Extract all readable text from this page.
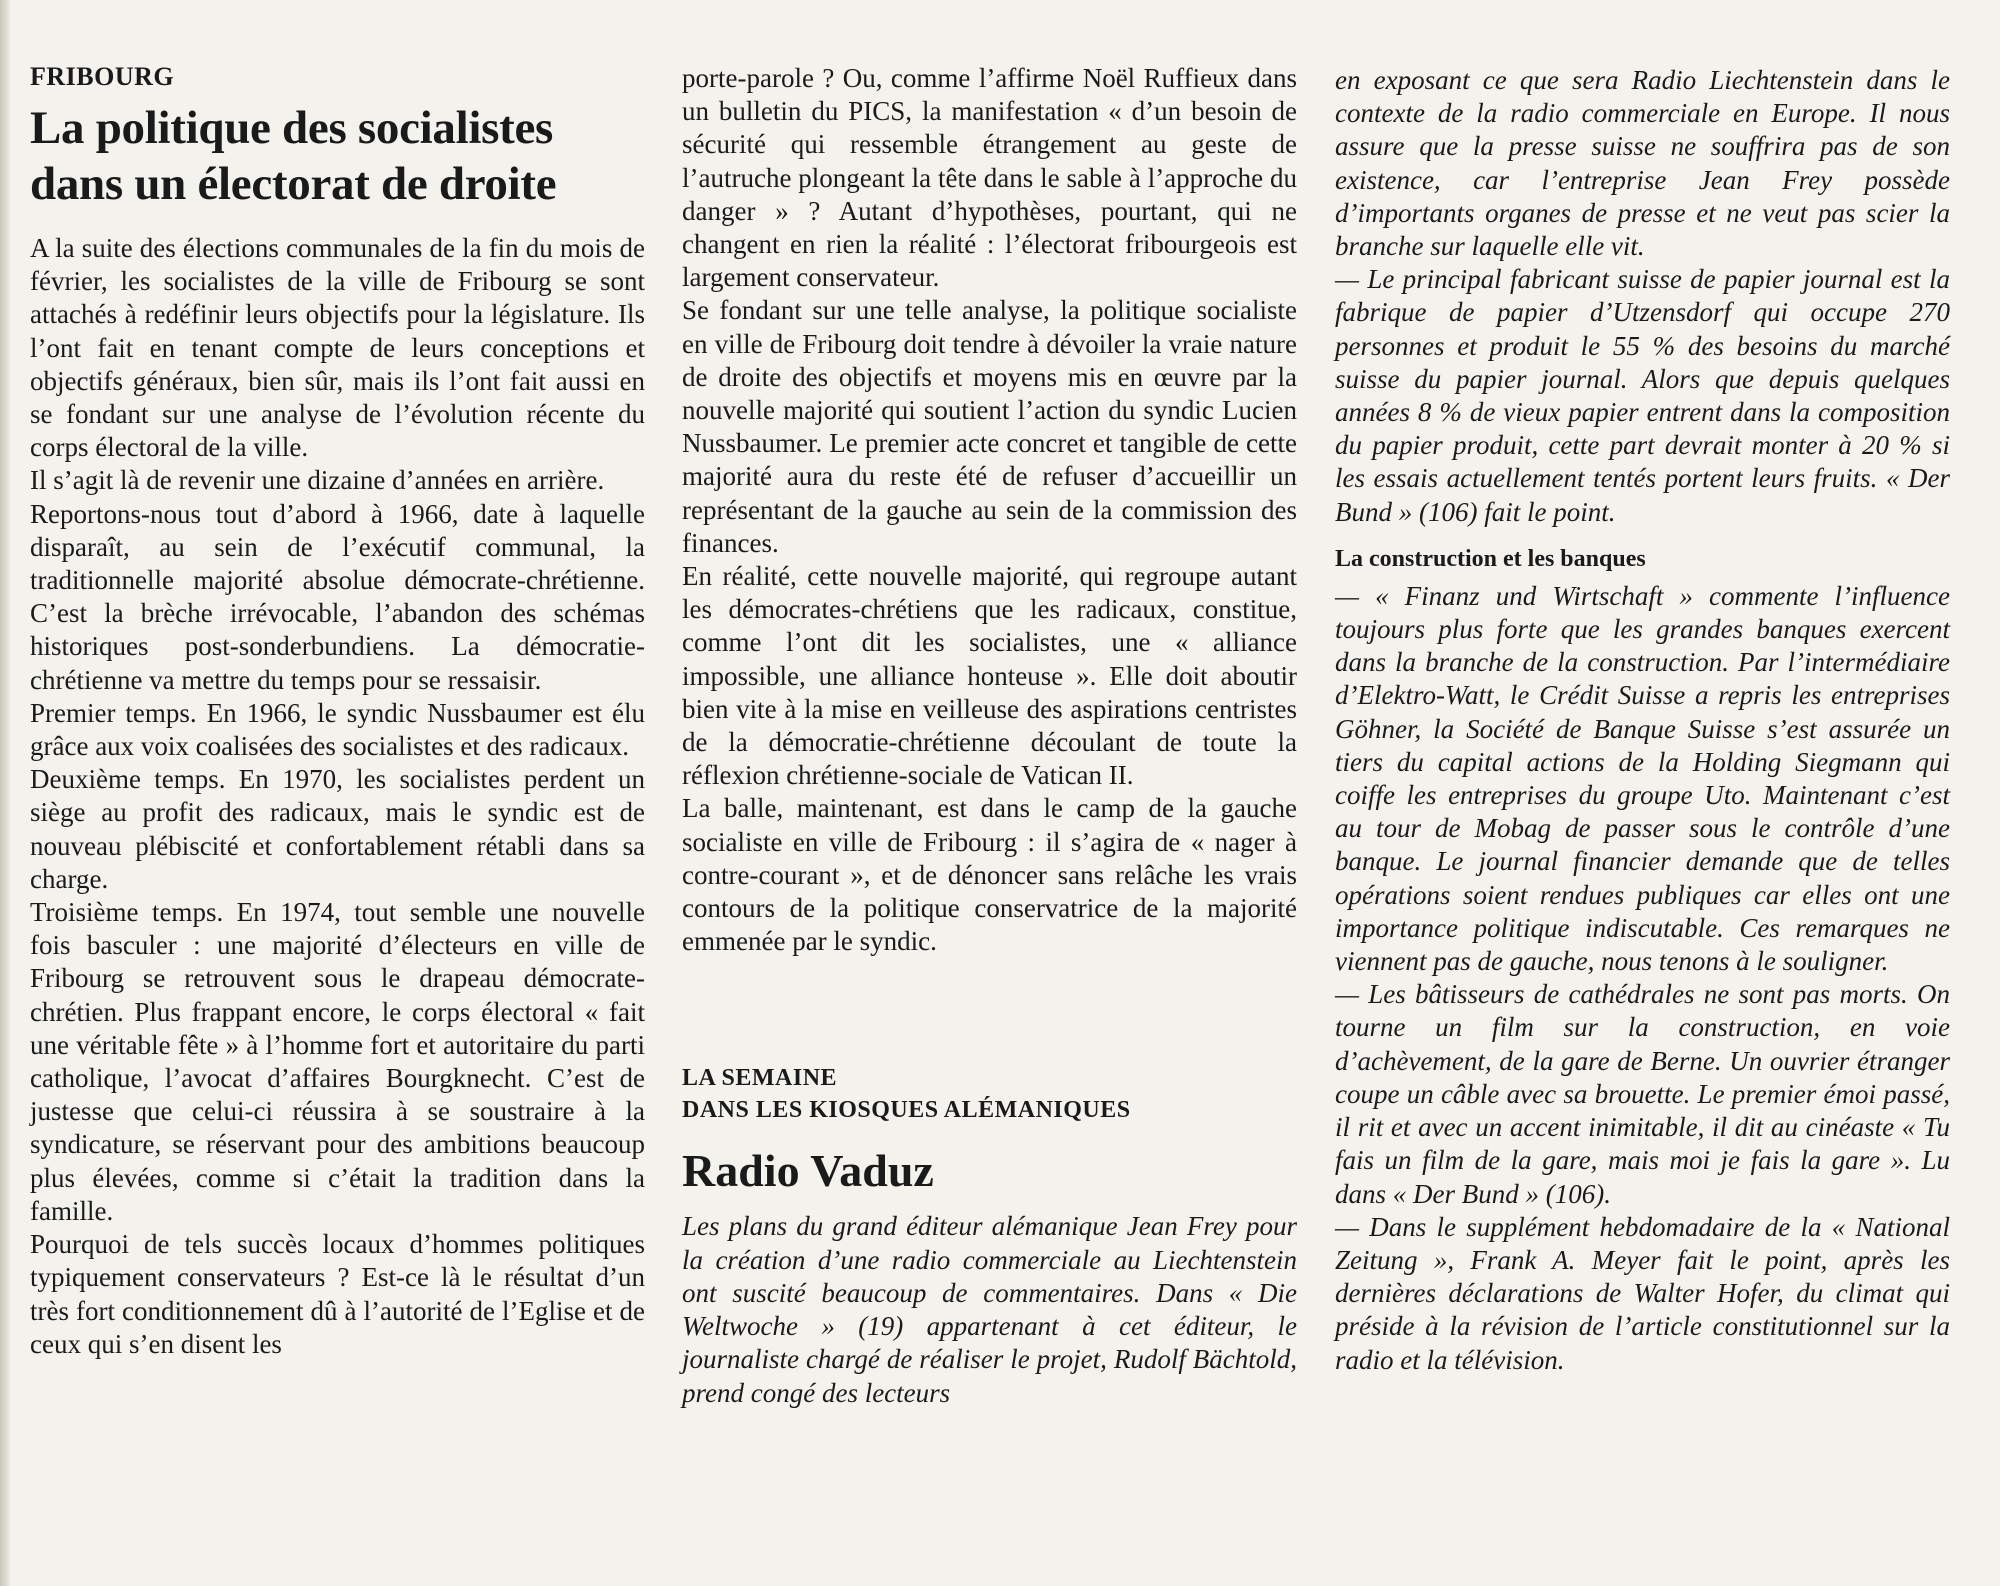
FRIBOURG
La politique des socialistes dans un électorat de droite

A la suite des élections communales de la fin du mois de février, les socialistes de la ville de Fribourg se sont attachés à redéfinir leurs objectifs pour la législature. Ils l’ont fait en tenant compte de leurs conceptions et objectifs généraux, bien sûr, mais ils l’ont fait aussi en se fondant sur une analyse de l’évolution récente du corps électoral de la ville.

Il s’agit là de revenir une dizaine d’années en arrière.

Reportons-nous tout d’abord à 1966, date à laquelle disparaît, au sein de l’exécutif communal, la traditionnelle majorité absolue démocrate-chrétienne. C’est la brèche irrévocable, l’abandon des schémas historiques post-sonderbundiens. La démocratie-chrétienne va mettre du temps pour se ressaisir.

Premier temps. En 1966, le syndic Nussbaumer est élu grâce aux voix coalisées des socialistes et des radicaux.

Deuxième temps. En 1970, les socialistes perdent un siège au profit des radicaux, mais le syndic est de nouveau plébiscité et confortablement rétabli dans sa charge.

Troisième temps. En 1974, tout semble une nouvelle fois basculer : une majorité d’électeurs en ville de Fribourg se retrouvent sous le drapeau démocrate-chrétien. Plus frappant encore, le corps électoral « fait une véritable fête » à l’homme fort et autoritaire du parti catholique, l’avocat d’affaires Bourgknecht. C’est de justesse que celui-ci réussira à se soustraire à la syndicature, se réservant pour des ambitions beaucoup plus élevées, comme si c’était la tradition dans la famille.

Pourquoi de tels succès locaux d’hommes politiques typiquement conservateurs ? Est-ce là le résultat d’un très fort conditionnement dû à l’autorité de l’Eglise et de ceux qui s’en disent les

porte-parole ? Ou, comme l’affirme Noël Ruffieux dans un bulletin du PICS, la manifestation « d’un besoin de sécurité qui ressemble étrangement au geste de l’autruche plongeant la tête dans le sable à l’approche du danger » ? Autant d’hypothèses, pourtant, qui ne changent en rien la réalité : l’électorat fribourgeois est largement conservateur.

Se fondant sur une telle analyse, la politique socialiste en ville de Fribourg doit tendre à dévoiler la vraie nature de droite des objectifs et moyens mis en œuvre par la nouvelle majorité qui soutient l’action du syndic Lucien Nussbaumer. Le premier acte concret et tangible de cette majorité aura du reste été de refuser d’accueillir un représentant de la gauche au sein de la commission des finances.

En réalité, cette nouvelle majorité, qui regroupe autant les démocrates-chrétiens que les radicaux, constitue, comme l’ont dit les socialistes, une « alliance impossible, une alliance honteuse ». Elle doit aboutir bien vite à la mise en veilleuse des aspirations centristes de la démocratie-chrétienne découlant de toute la réflexion chrétienne-sociale de Vatican II.

La balle, maintenant, est dans le camp de la gauche socialiste en ville de Fribourg : il s’agira de « nager à contre-courant », et de dénoncer sans relâche les vrais contours de la politique conservatrice de la majorité emmenée par le syndic.

LA SEMAINE
DANS LES KIOSQUES ALÉMANIQUES
Radio Vaduz

Les plans du grand éditeur alémanique Jean Frey pour la création d’une radio commerciale au Liechtenstein ont suscité beaucoup de commentaires. Dans « Die Weltwoche » (19) appartenant à cet éditeur, le journaliste chargé de réaliser le projet, Rudolf Bächtold, prend congé des lecteurs

en exposant ce que sera Radio Liechtenstein dans le contexte de la radio commerciale en Europe. Il nous assure que la presse suisse ne souffrira pas de son existence, car l’entreprise Jean Frey possède d’importants organes de presse et ne veut pas scier la branche sur laquelle elle vit.

— Le principal fabricant suisse de papier journal est la fabrique de papier d’Utzensdorf qui occupe 270 personnes et produit le 55 % des besoins du marché suisse du papier journal. Alors que depuis quelques années 8 % de vieux papier entrent dans la composition du papier produit, cette part devrait monter à 20 % si les essais actuellement tentés portent leurs fruits. « Der Bund » (106) fait le point.

La construction et les banques

— « Finanz und Wirtschaft » commente l’influence toujours plus forte que les grandes banques exercent dans la branche de la construction. Par l’intermédiaire d’Elektro-Watt, le Crédit Suisse a repris les entreprises Göhner, la Société de Banque Suisse s’est assurée un tiers du capital actions de la Holding Siegmann qui coiffe les entreprises du groupe Uto. Maintenant c’est au tour de Mobag de passer sous le contrôle d’une banque. Le journal financier demande que de telles opérations soient rendues publiques car elles ont une importance politique indiscutable. Ces remarques ne viennent pas de gauche, nous tenons à le souligner.

— Les bâtisseurs de cathédrales ne sont pas morts. On tourne un film sur la construction, en voie d’achèvement, de la gare de Berne. Un ouvrier étranger coupe un câble avec sa brouette. Le premier émoi passé, il rit et avec un accent inimitable, il dit au cinéaste « Tu fais un film de la gare, mais moi je fais la gare ». Lu dans « Der Bund » (106).

— Dans le supplément hebdomadaire de la « National Zeitung », Frank A. Meyer fait le point, après les dernières déclarations de Walter Hofer, du climat qui préside à la révision de l’article constitutionnel sur la radio et la télévision.
